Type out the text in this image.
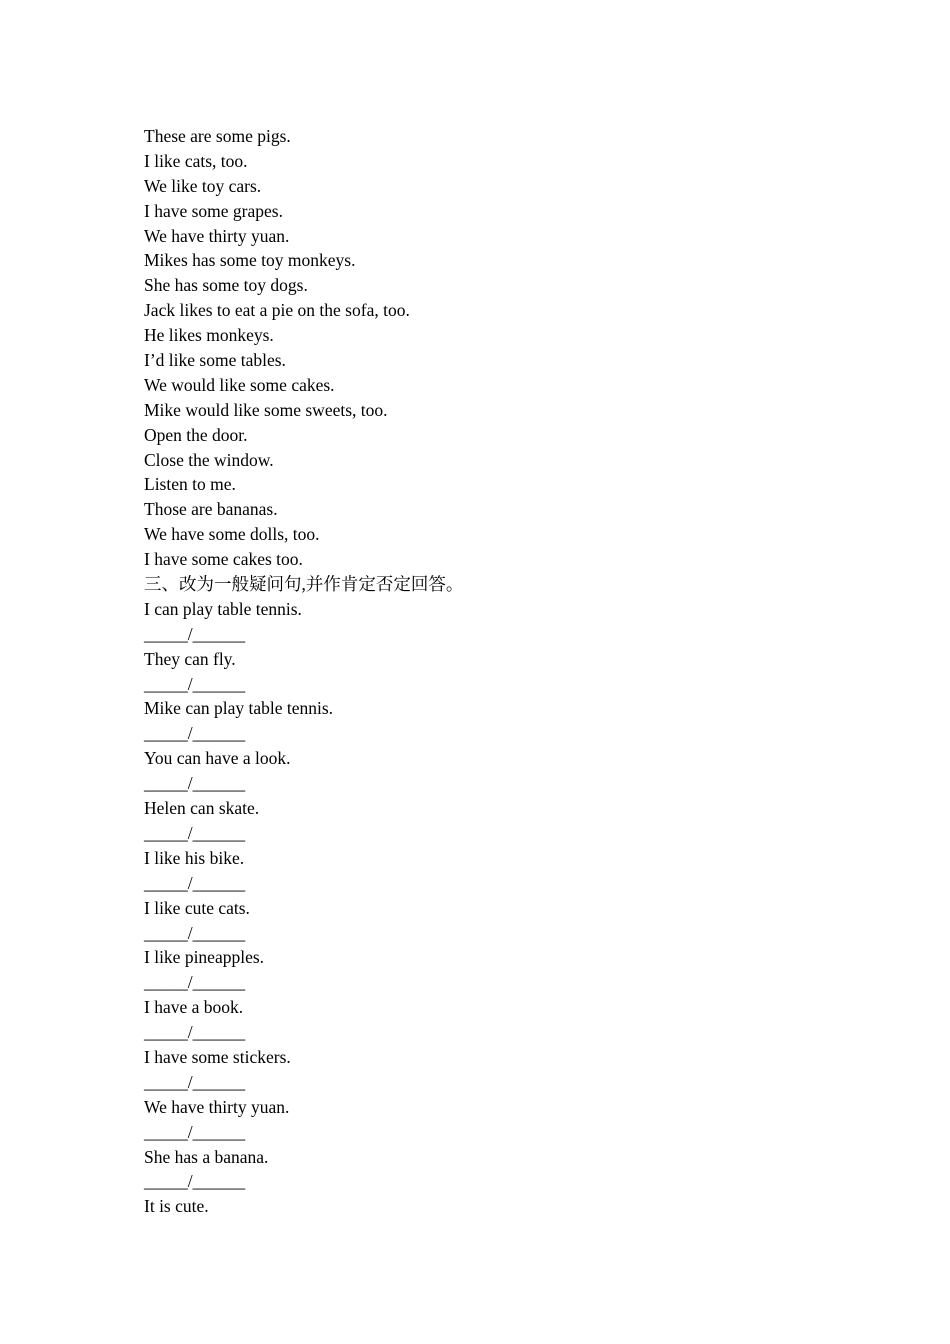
These are some pigs.
I like cats, too.
We like toy cars.
I have some grapes.
We have thirty yuan.
Mikes has some toy monkeys.
She has some toy dogs.
Jack likes to eat a pie on the sofa, too.
He likes monkeys.
I’d like some tables.
We would like some cakes.
Mike would like some sweets, too.
Open the door.
Close the window.
Listen to me.
Those are bananas.
We have some dolls, too.
I have some cakes too.
三、改为一般疑问句,并作肯定否定回答。
I can play table tennis.
_____/______
They can fly.
_____/______
Mike can play table tennis.
_____/______
You can have a look.
_____/______
Helen can skate.
_____/______
I like his bike.
_____/______
I like cute cats.
_____/______
I like pineapples.
_____/______
I have a book.
_____/______
I have some stickers.
_____/______
We have thirty yuan.
_____/______
She has a banana.
_____/______
It is cute.
